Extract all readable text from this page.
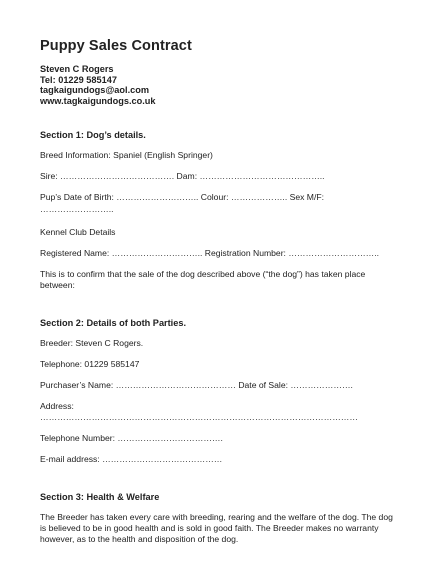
Puppy Sales Contract
Steven C Rogers
Tel: 01229 585147
tagkaigundogs@aol.com
www.tagkaigundogs.co.uk
Section 1: Dog’s details.
Breed Information: Spaniel (English Springer)
Sire: …………………………………. Dam: ……………………………………..
Pup’s Date of Birth: ……………………….. Colour: ……………….. Sex M/F:
……………………..
Kennel Club Details
Registered Name: ………………………….. Registration Number: …………………………..
This is to confirm that the sale of the dog described above (“the dog”) has taken place between:
Section 2: Details of both Parties.
Breeder: Steven C Rogers.
Telephone: 01229 585147
Purchaser’s Name: …………………………………… Date of Sale: ………………….
Address:
…………………………………………………………………………………………………
Telephone Number: ……………………………….
E-mail address: ……………………………………
Section 3: Health & Welfare
The Breeder has taken every care with breeding, rearing and the welfare of the dog. The dog is believed to be in good health and is sold in good faith. The Breeder makes no warranty however, as to the health and disposition of the dog.
